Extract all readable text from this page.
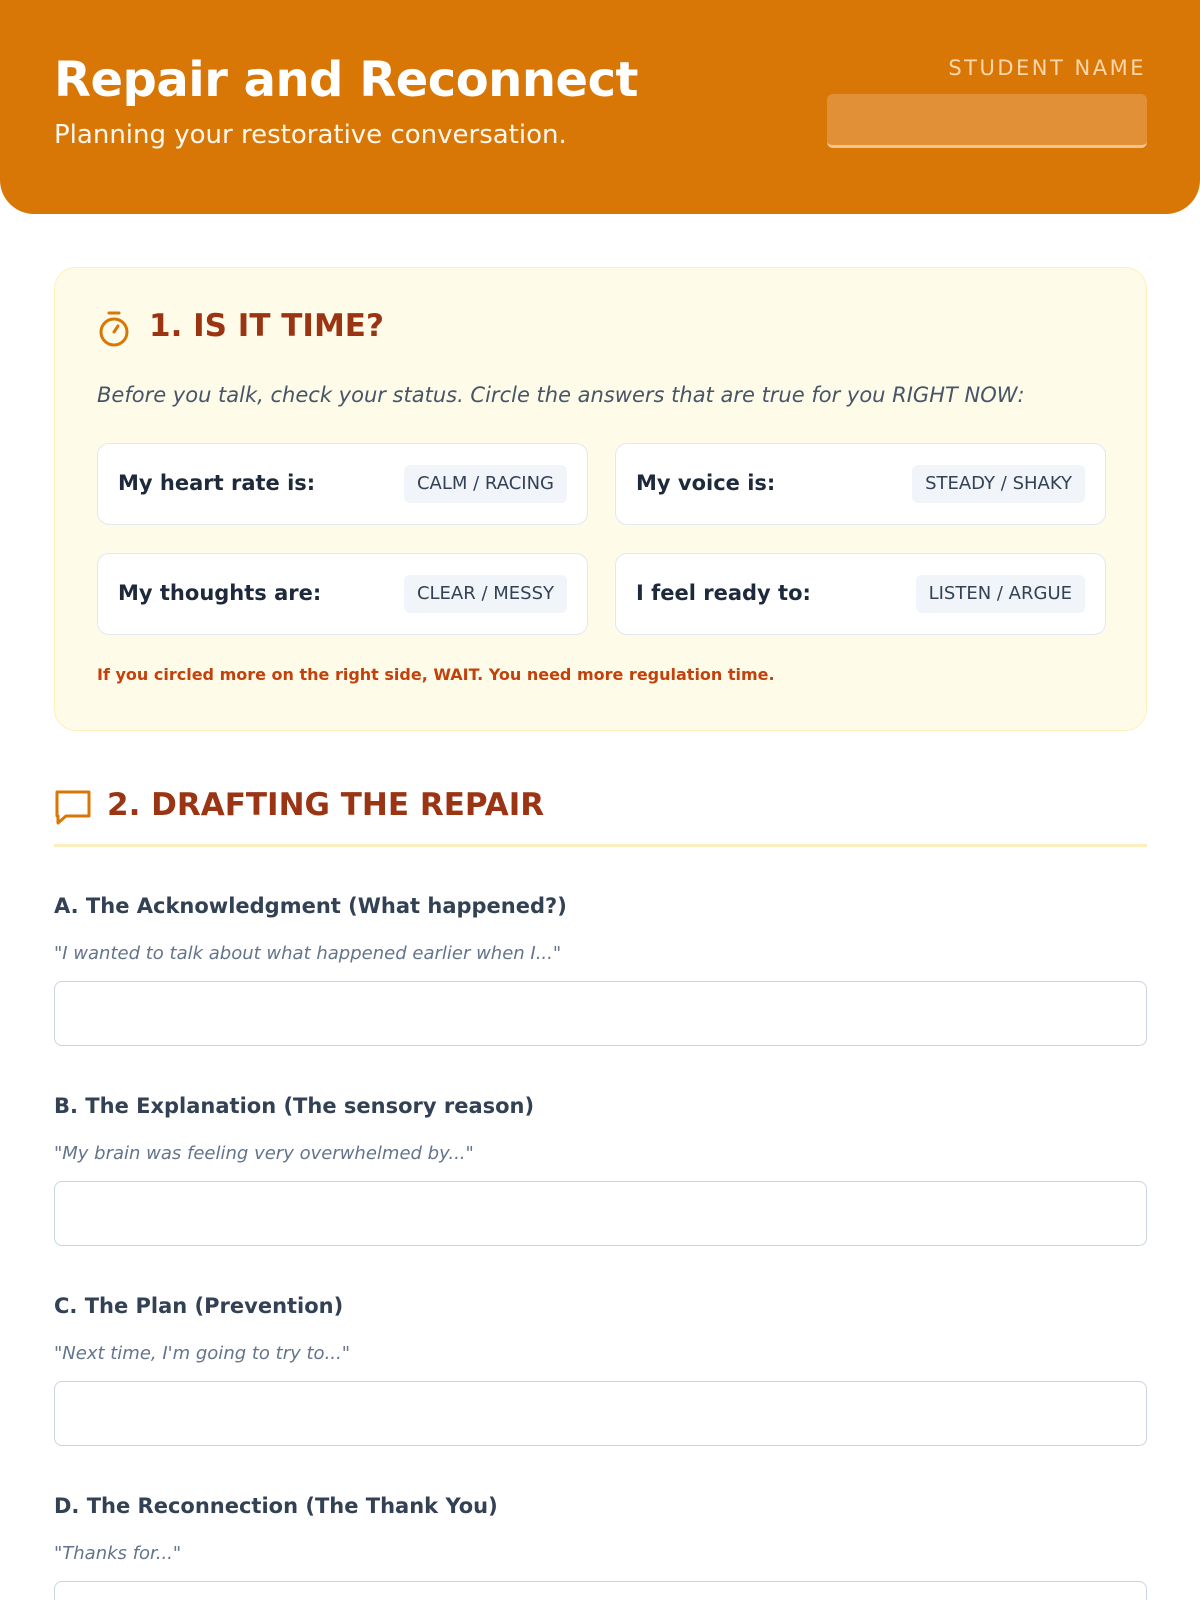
Repair and Reconnect
Planning your restorative conversation.
STUDENT NAME
1. IS IT TIME?
Before you talk, check your status. Circle the answers that are true for you RIGHT NOW:
My heart rate is:	CALM / RACING	My voice is:	STEADY / SHAKY
My thoughts are:	CLEAR / MESSY	I feel ready to:	LISTEN / ARGUE
If you circled more on the right side, WAIT. You need more regulation time.
2. DRAFTING THE REPAIR
A. The Acknowledgment (What happened?)
"I wanted to talk about what happened earlier when I..."
B. The Explanation (The sensory reason)
"My brain was feeling very overwhelmed by..."
C. The Plan (Prevention)
"Next time, I'm going to try to..."
D. The Reconnection (The Thank You)
"Thanks for..."
